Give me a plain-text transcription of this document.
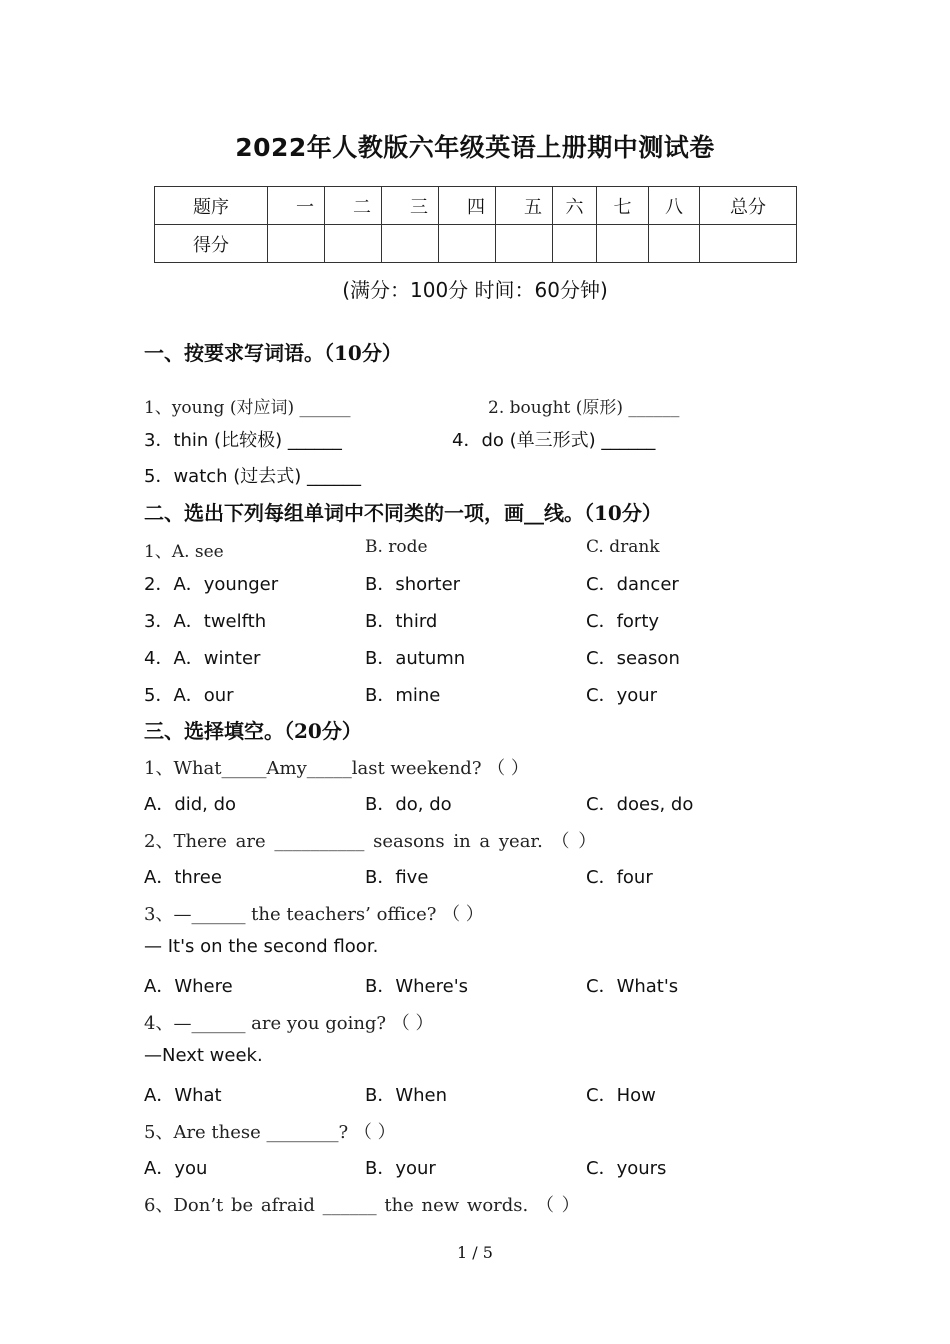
2022年人教版六年级英语上册期中测试卷
题序	一	二	三	四	五	六	七	八	总分
得分									
(满分：100分 时间：60分钟)
一、按要求写词语。（10分）
1、young (对应词) ______	2. bought (原形) ______
3．thin (比较极) ______	4．do (单三形式) ______
5．watch (过去式) ______
二、选出下列每组单词中不同类的一项，画__线。（10分）
1、A. see	B. rode	C. drank
2．A．younger	B．shorter	C．dancer
3．A．twelfth	B．third	C．forty
4．A．winter	B．autumn	C．season
5．A．our	B．mine	C．your
三、选择填空。（20分）
1、What_____Amy_____last weekend? （ ）
A．did, do	B．do, do	C．does, do
2、There are __________ seasons in a year. （ ）
A．three	B．five	C．four
3、—______ the teachers’ office? （ ）
— It's on the second floor.
A．Where	B．Where's	C．What's
4、—______ are you going? （ ）
—Next week.
A．What	B．When	C．How
5、Are these ________? （ ）
A．you	B．your	C．yours
6、Don’t be afraid ______ the new words. （ ）
1 / 5
